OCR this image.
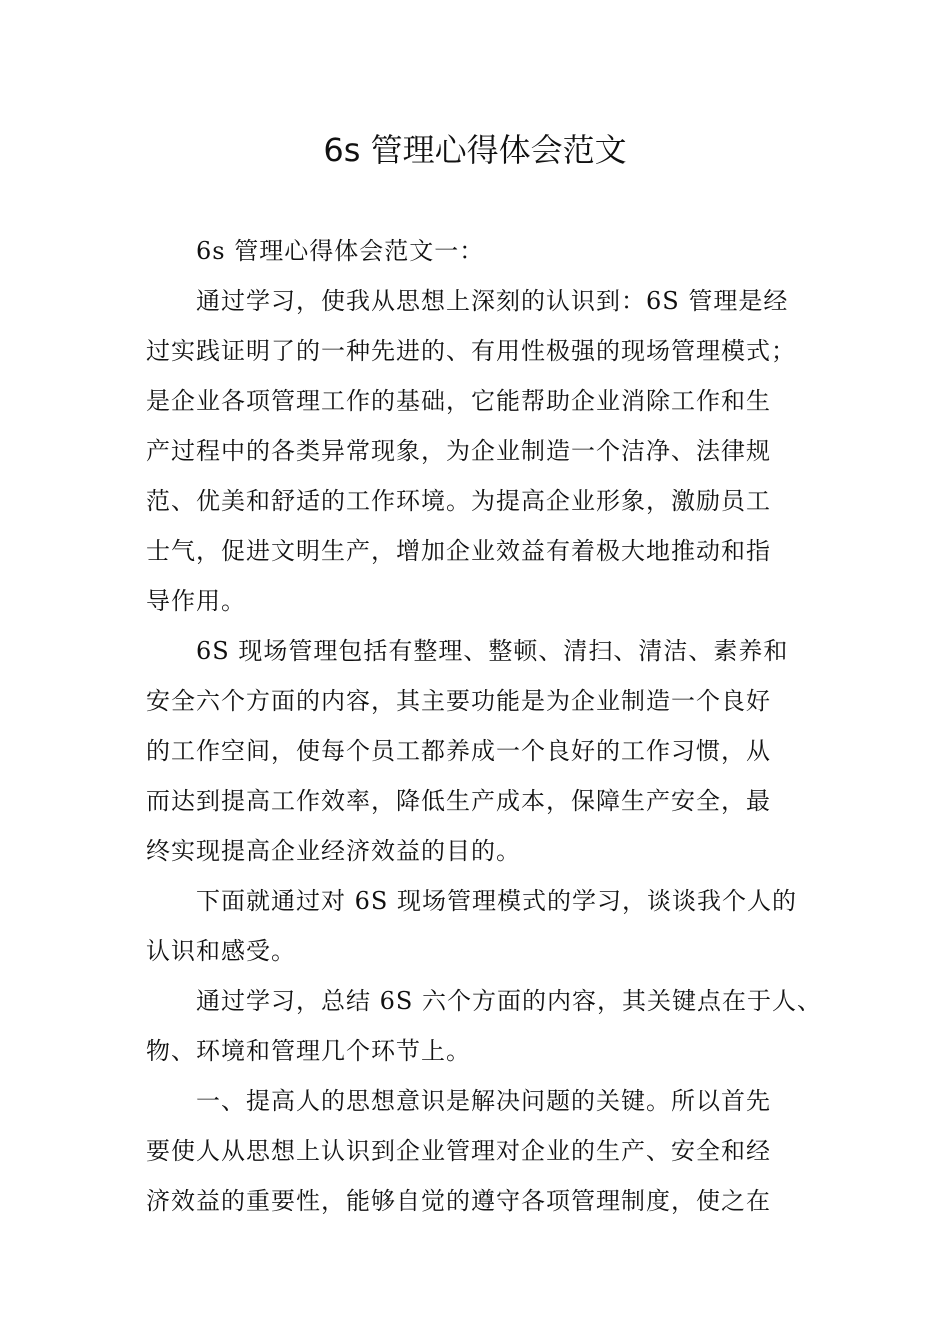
6s 管理心得体会范文

6s 管理心得体会范文一：

通过学习，使我从思想上深刻的认识到：6S 管理是经
过实践证明了的一种先进的、有用性极强的现场管理模式；
是企业各项管理工作的基础，它能帮助企业消除工作和生
产过程中的各类异常现象，为企业制造一个洁净、法律规
范、优美和舒适的工作环境。为提高企业形象，激励员工
士气，促进文明生产，增加企业效益有着极大地推动和指
导作用。

6S 现场管理包括有整理、整顿、清扫、清洁、素养和
安全六个方面的内容，其主要功能是为企业制造一个良好
的工作空间，使每个员工都养成一个良好的工作习惯，从
而达到提高工作效率，降低生产成本，保障生产安全，最
终实现提高企业经济效益的目的。

下面就通过对 6S 现场管理模式的学习，谈谈我个人的
认识和感受。

通过学习，总结 6S 六个方面的内容，其关键点在于人、
物、环境和管理几个环节上。

一、提高人的思想意识是解决问题的关键。所以首先
要使人从思想上认识到企业管理对企业的生产、安全和经
济效益的重要性，能够自觉的遵守各项管理制度，使之在
